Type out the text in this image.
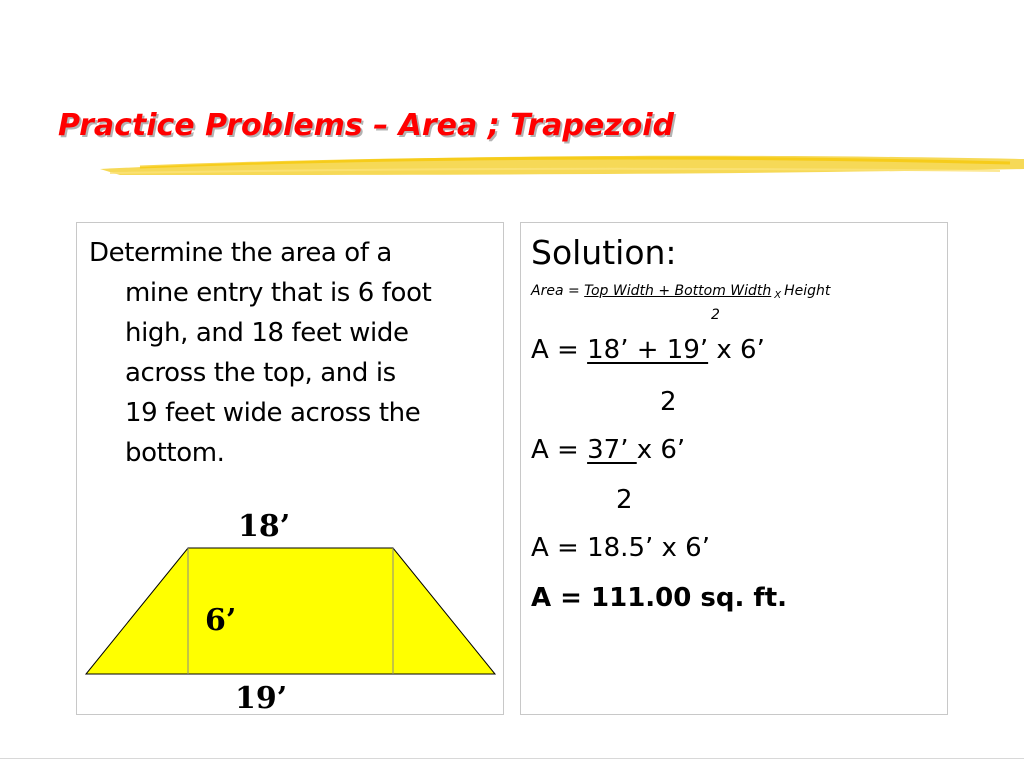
Practice Problems – Area ; Trapezoid
Determine the area of a
mine entry that is 6 foot
high, and 18 feet wide
across the top, and is
19 feet wide across the
bottom.
18’
6’
19’
Solution:
Area = Top Width + Bottom Width $_X$ Height
2
A = 18’ + 19’ x 6’
2
A = 37’ x 6’
2
A = 18.5’ x 6’
A = 111.00 sq. ft.
